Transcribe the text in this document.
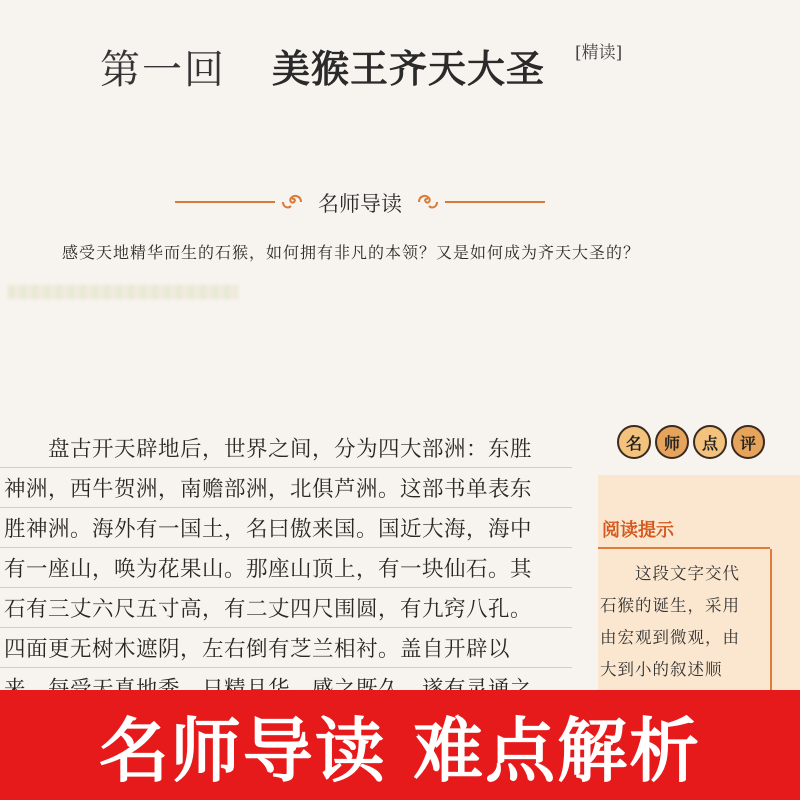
第一回 美猴王齐天大圣 [精读]
名师导读
感受天地精华而生的石猴，如何拥有非凡的本领？又是如何成为齐天大圣的？
　　盘古开天辟地后，世界之间，分为四大部洲：东胜
神洲，西牛贺洲，南赡部洲，北俱芦洲。这部书单表东
胜神洲。海外有一国土，名曰傲来国。国近大海，海中
有一座山，唤为花果山。那座山顶上，有一块仙石。其
石有三丈六尺五寸高，有二丈四尺围圆，有九窍八孔。
四面更无树木遮阴，左右倒有芝兰相衬。盖自开辟以
名	师	点	评
阅读提示
　　这段文字交代
石猴的诞生，采用
由宏观到微观，由
大到小的叙述顺
名师导读 难点解析
